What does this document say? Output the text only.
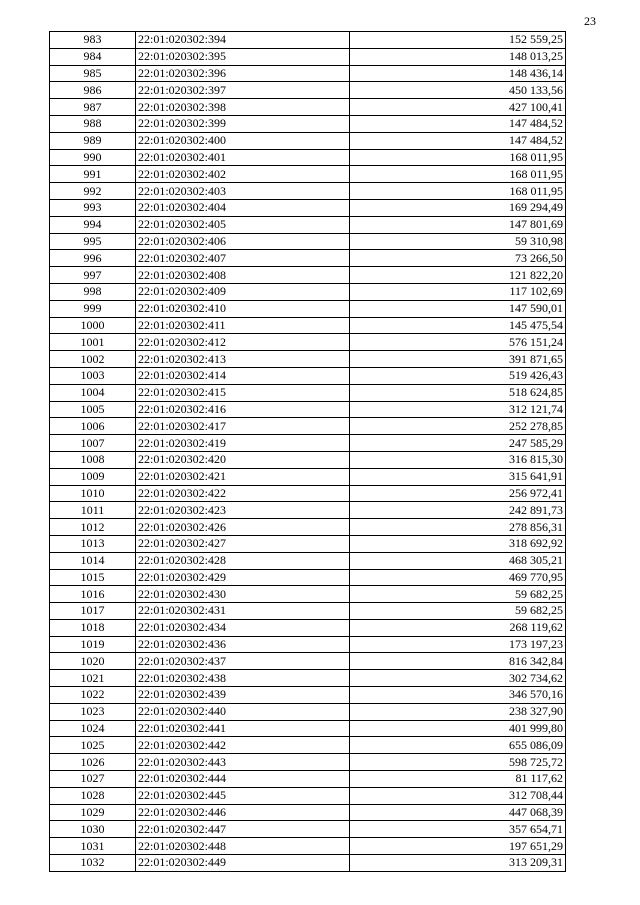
23
983	22:01:020302:394	152 559,25
984	22:01:020302:395	148 013,25
985	22:01:020302:396	148 436,14
986	22:01:020302:397	450 133,56
987	22:01:020302:398	427 100,41
988	22:01:020302:399	147 484,52
989	22:01:020302:400	147 484,52
990	22:01:020302:401	168 011,95
991	22:01:020302:402	168 011,95
992	22:01:020302:403	168 011,95
993	22:01:020302:404	169 294,49
994	22:01:020302:405	147 801,69
995	22:01:020302:406	59 310,98
996	22:01:020302:407	73 266,50
997	22:01:020302:408	121 822,20
998	22:01:020302:409	117 102,69
999	22:01:020302:410	147 590,01
1000	22:01:020302:411	145 475,54
1001	22:01:020302:412	576 151,24
1002	22:01:020302:413	391 871,65
1003	22:01:020302:414	519 426,43
1004	22:01:020302:415	518 624,85
1005	22:01:020302:416	312 121,74
1006	22:01:020302:417	252 278,85
1007	22:01:020302:419	247 585,29
1008	22:01:020302:420	316 815,30
1009	22:01:020302:421	315 641,91
1010	22:01:020302:422	256 972,41
1011	22:01:020302:423	242 891,73
1012	22:01:020302:426	278 856,31
1013	22:01:020302:427	318 692,92
1014	22:01:020302:428	468 305,21
1015	22:01:020302:429	469 770,95
1016	22:01:020302:430	59 682,25
1017	22:01:020302:431	59 682,25
1018	22:01:020302:434	268 119,62
1019	22:01:020302:436	173 197,23
1020	22:01:020302:437	816 342,84
1021	22:01:020302:438	302 734,62
1022	22:01:020302:439	346 570,16
1023	22:01:020302:440	238 327,90
1024	22:01:020302:441	401 999,80
1025	22:01:020302:442	655 086,09
1026	22:01:020302:443	598 725,72
1027	22:01:020302:444	81 117,62
1028	22:01:020302:445	312 708,44
1029	22:01:020302:446	447 068,39
1030	22:01:020302:447	357 654,71
1031	22:01:020302:448	197 651,29
1032	22:01:020302:449	313 209,31
